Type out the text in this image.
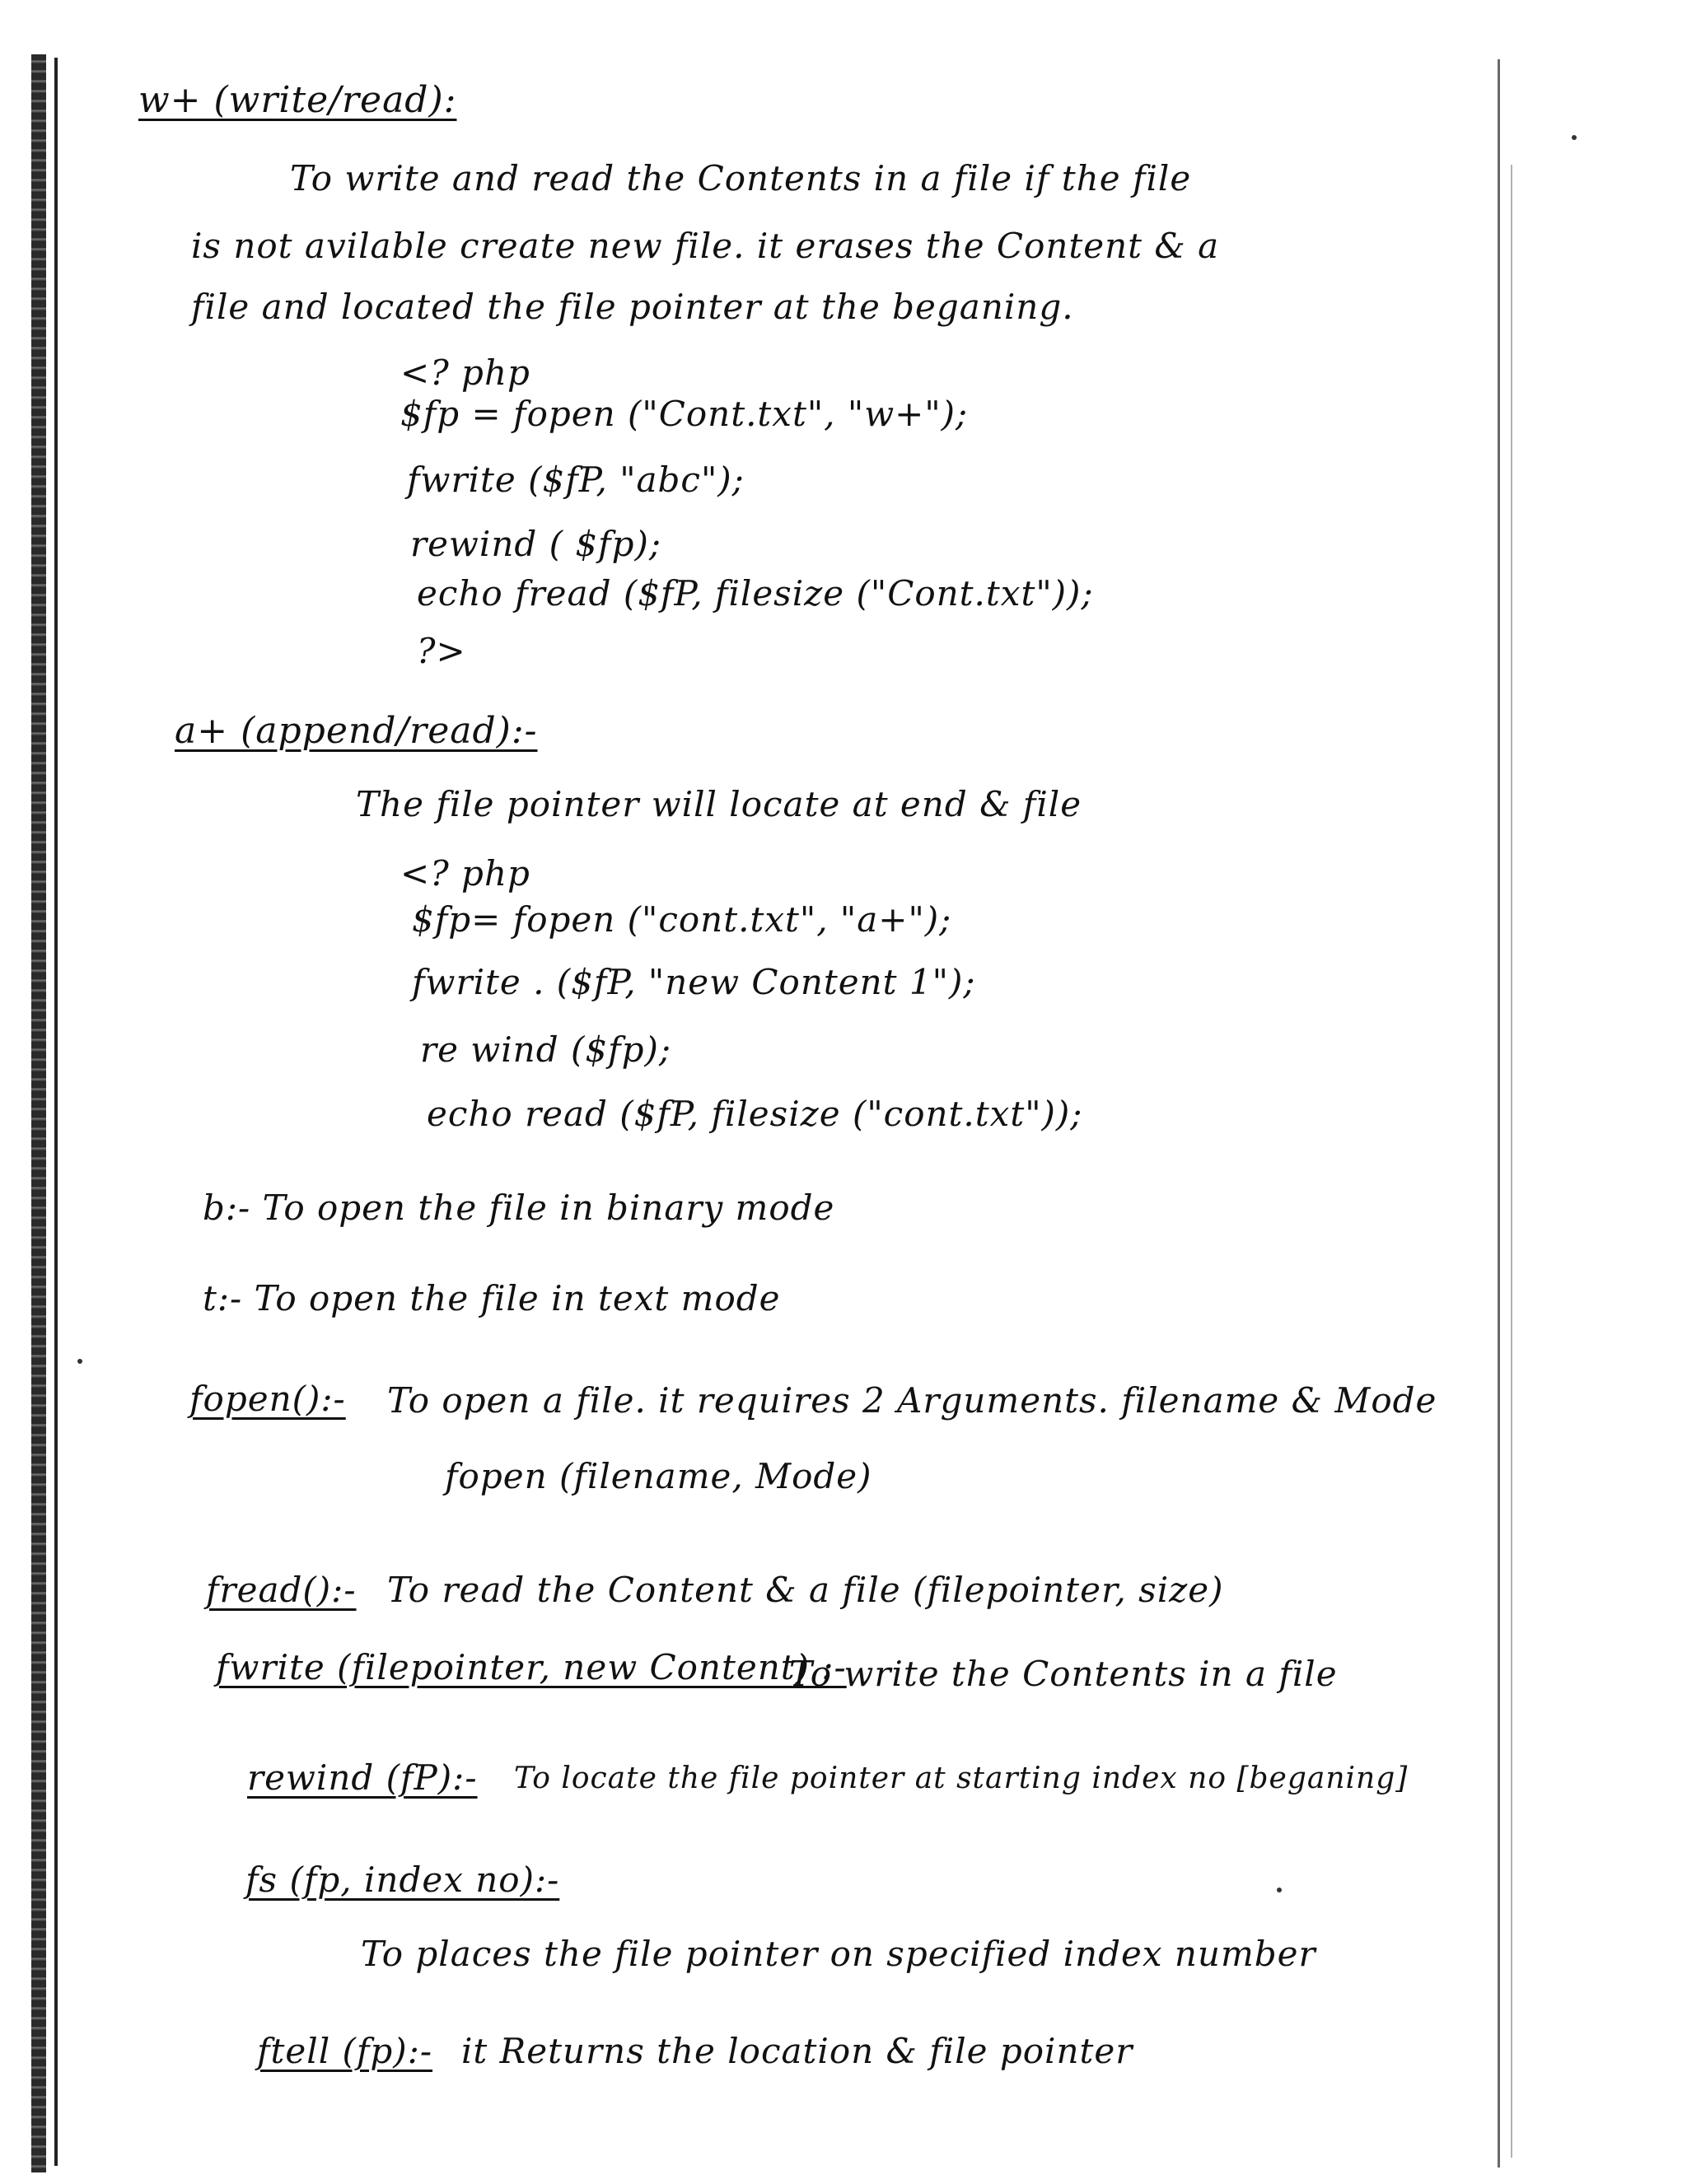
w+ (write/read):
To write and read the Contents in a file if the file
is not avilable create new file. it erases the Content & a
file and located the file pointer at the beganing.
<? php
$fp = fopen ("Cont.txt", "w+");
fwrite ($fP, "abc");
rewind ( $fp);
echo fread ($fP, filesize ("Cont.txt"));
?>
a+ (append/read):-
The file pointer will locate at end & file
<? php
$fp= fopen ("cont.txt", "a+");
fwrite . ($fP, "new Content 1");
re wind ($fp);
echo read ($fP, filesize ("cont.txt"));
b:- To open the file in binary mode
t:- To open the file in text mode
fopen():- To open a file. it requires 2 Arguments. filename & Mode
fopen (filename, Mode)
fread():- To read the Content & a file (filepointer, size)
fwrite (filepointer, new Content) :-
To write the Contents in a file
rewind (fP):- To locate the file pointer at starting index no [beganing]
fs (fp, index no):-
To places the file pointer on specified index number
ftell (fp):- it Returns the location & file pointer
